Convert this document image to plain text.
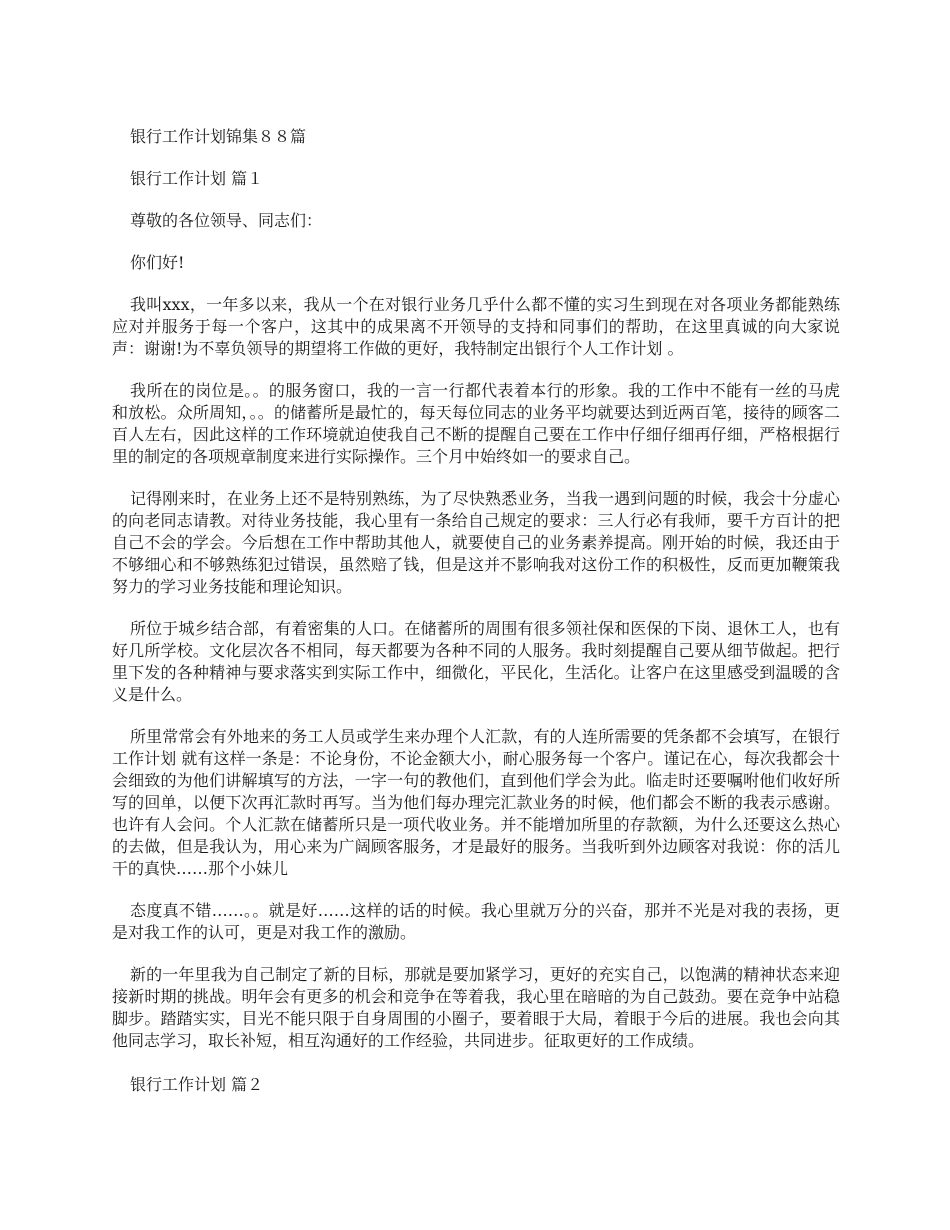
银行工作计划锦集８８篇

银行工作计划 篇１

尊敬的各位领导、同志们：

你们好!

我叫xxx，一年多以来，我从一个在对银行业务几乎什么都不懂的实习生到现在对各项业务都能熟练应对并服务于每一个客户，这其中的成果离不开领导的支持和同事们的帮助，在这里真诚的向大家说声：谢谢!为不辜负领导的期望将工作做的更好，我特制定出银行个人工作计划 。

我所在的岗位是。。的服务窗口，我的一言一行都代表着本行的形象。我的工作中不能有一丝的马虎和放松。众所周知，。。的储蓄所是最忙的，每天每位同志的业务平均就要达到近两百笔，接待的顾客二百人左右，因此这样的工作环境就迫使我自己不断的提醒自己要在工作中仔细仔细再仔细，严格根据行里的制定的各项规章制度来进行实际操作。三个月中始终如一的要求自己。

记得刚来时，在业务上还不是特别熟练，为了尽快熟悉业务，当我一遇到问题的时候，我会十分虚心的向老同志请教。对待业务技能，我心里有一条给自己规定的要求：三人行必有我师，要千方百计的把自己不会的学会。今后想在工作中帮助其他人，就要使自己的业务素养提高。刚开始的时候，我还由于不够细心和不够熟练犯过错误，虽然赔了钱，但是这并不影响我对这份工作的积极性，反而更加鞭策我努力的学习业务技能和理论知识。

所位于城乡结合部，有着密集的人口。在储蓄所的周围有很多领社保和医保的下岗、退休工人，也有好几所学校。文化层次各不相同，每天都要为各种不同的人服务。我时刻提醒自己要从细节做起。把行里下发的各种精神与要求落实到实际工作中，细微化，平民化，生活化。让客户在这里感受到温暖的含义是什么。

所里常常会有外地来的务工人员或学生来办理个人汇款，有的人连所需要的凭条都不会填写，在银行 工作计划 就有这样一条是：不论身份，不论金额大小，耐心服务每一个客户。谨记在心，每次我都会十会细致的为他们讲解填写的方法，一字一句的教他们，直到他们学会为此。临走时还要嘱咐他们收好所写的回单，以便下次再汇款时再写。当为他们每办理完汇款业务的时候，他们都会不断的我表示感谢。也许有人会问。个人汇款在储蓄所只是一项代收业务。并不能增加所里的存款额，为什么还要这么热心的去做，但是我认为，用心来为广阔顾客服务，才是最好的服务。当我听到外边顾客对我说：你的活儿干的真快……那个小妹儿

态度真不错……。。就是好……这样的话的时候。我心里就万分的兴奋，那并不光是对我的表扬，更是对我工作的认可，更是对我工作的激励。

新的一年里我为自己制定了新的目标，那就是要加紧学习，更好的充实自己，以饱满的精神状态来迎接新时期的挑战。明年会有更多的机会和竞争在等着我，我心里在暗暗的为自己鼓劲。要在竞争中站稳脚步。踏踏实实，目光不能只限于自身周围的小圈子，要着眼于大局，着眼于今后的进展。我也会向其他同志学习，取长补短，相互沟通好的工作经验，共同进步。征取更好的工作成绩。

银行工作计划 篇２
